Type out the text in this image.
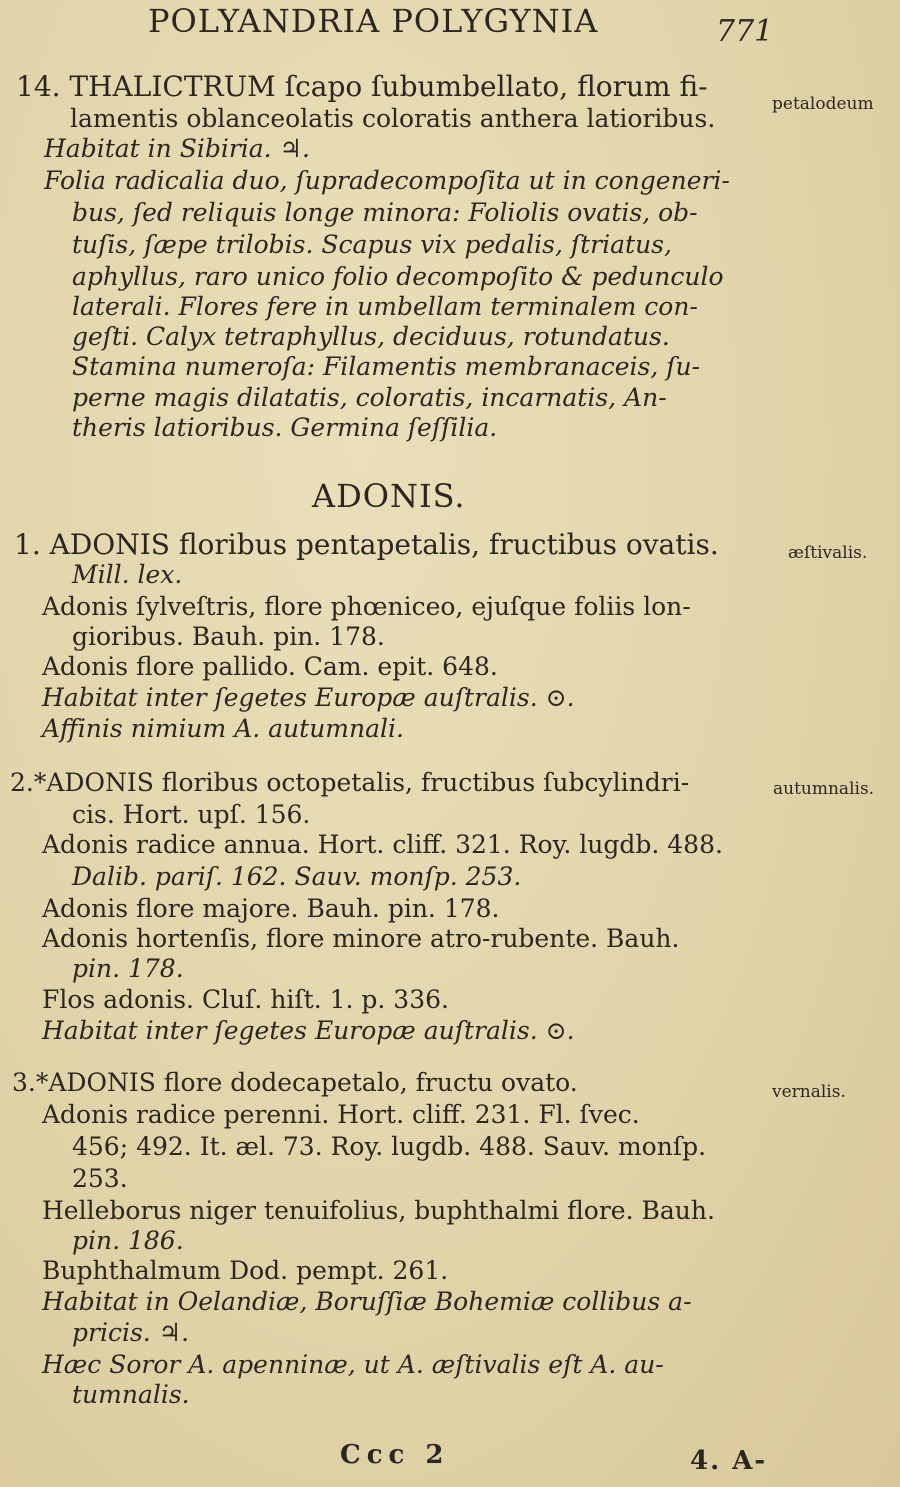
POLYANDRIA POLYGYNIA	771
14. THALICTRUM ſcapo ſubumbellato, florum fi-
lamentis oblanceolatis coloratis anthera latioribus.
Habitat in Sibiria. ♃.
Folia radicalia duo, ſupradecompoſita ut in congeneri-
bus, ſed reliquis longe minora: Foliolis ovatis, ob-
tuſis, ſæpe trilobis. Scapus vix pedalis, ſtriatus,
aphyllus, raro unico folio decompoſito & pedunculo
laterali. Flores fere in umbellam terminalem con-
geſti. Calyx tetraphyllus, deciduus, rotundatus.
Stamina numeroſa: Filamentis membranaceis, ſu-
perne magis dilatatis, coloratis, incarnatis, An-
theris latioribus. Germina ſeſſilia.
petalodeum
ADONIS.
1. ADONIS floribus pentapetalis, fructibus ovatis.
Mill. lex.
Adonis ſylveſtris, flore phœniceo, ejuſque foliis lon-
gioribus. Bauh. pin. 178.
Adonis flore pallido. Cam. epit. 648.
Habitat inter ſegetes Europæ auſtralis. ⊙.
Affinis nimium A. autumnali.
æſtivalis.
2.*ADONIS floribus octopetalis, fructibus ſubcylindri-
cis. Hort. upſ. 156.
Adonis radice annua. Hort. cliff. 321. Roy. lugdb. 488.
Dalib. pariſ. 162. Sauv. monſp. 253.
Adonis flore majore. Bauh. pin. 178.
Adonis hortenſis, flore minore atro-rubente. Bauh.
pin. 178.
Flos adonis. Cluſ. hiſt. 1. p. 336.
Habitat inter ſegetes Europæ auſtralis. ⊙.
autumnalis.
3.*ADONIS flore dodecapetalo, fructu ovato.
Adonis radice perenni. Hort. cliff. 231. Fl. ſvec.
456; 492. It. æl. 73. Roy. lugdb. 488. Sauv. monſp.
253.
Helleborus niger tenuifolius, buphthalmi flore. Bauh.
pin. 186.
Buphthalmum Dod. pempt. 261.
Habitat in Oelandiæ, Boruſſiæ Bohemiæ collibus a-
pricis. ♃.
Hæc Soror A. apenninæ, ut A. æſtivalis eſt A. au-
tumnalis.
vernalis.
Ccc 2	4. A-
